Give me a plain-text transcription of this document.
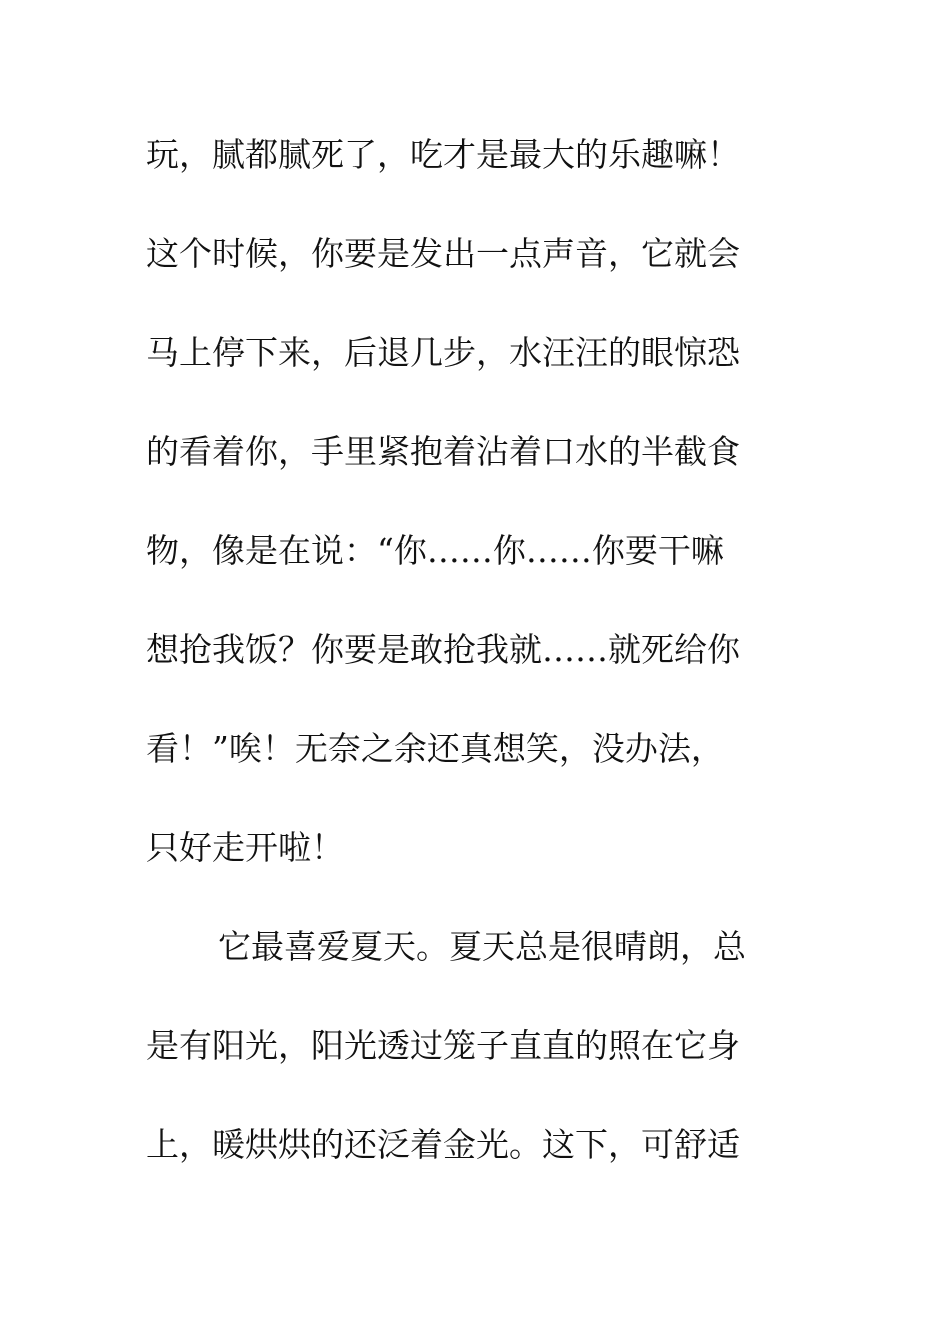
玩，腻都腻死了，吃才是最大的乐趣嘛！
这个时候，你要是发出一点声音，它就会
马上停下来，后退几步，水汪汪的眼惊恐
的看着你，手里紧抱着沾着口水的半截食
物，像是在说：“你……你……你要干嘛
想抢我饭？你要是敢抢我就……就死给你
看！”唉！无奈之余还真想笑，没办法，
只好走开啦！
它最喜爱夏天。夏天总是很晴朗，总
是有阳光，阳光透过笼子直直的照在它身
上，暖烘烘的还泛着金光。这下，可舒适
